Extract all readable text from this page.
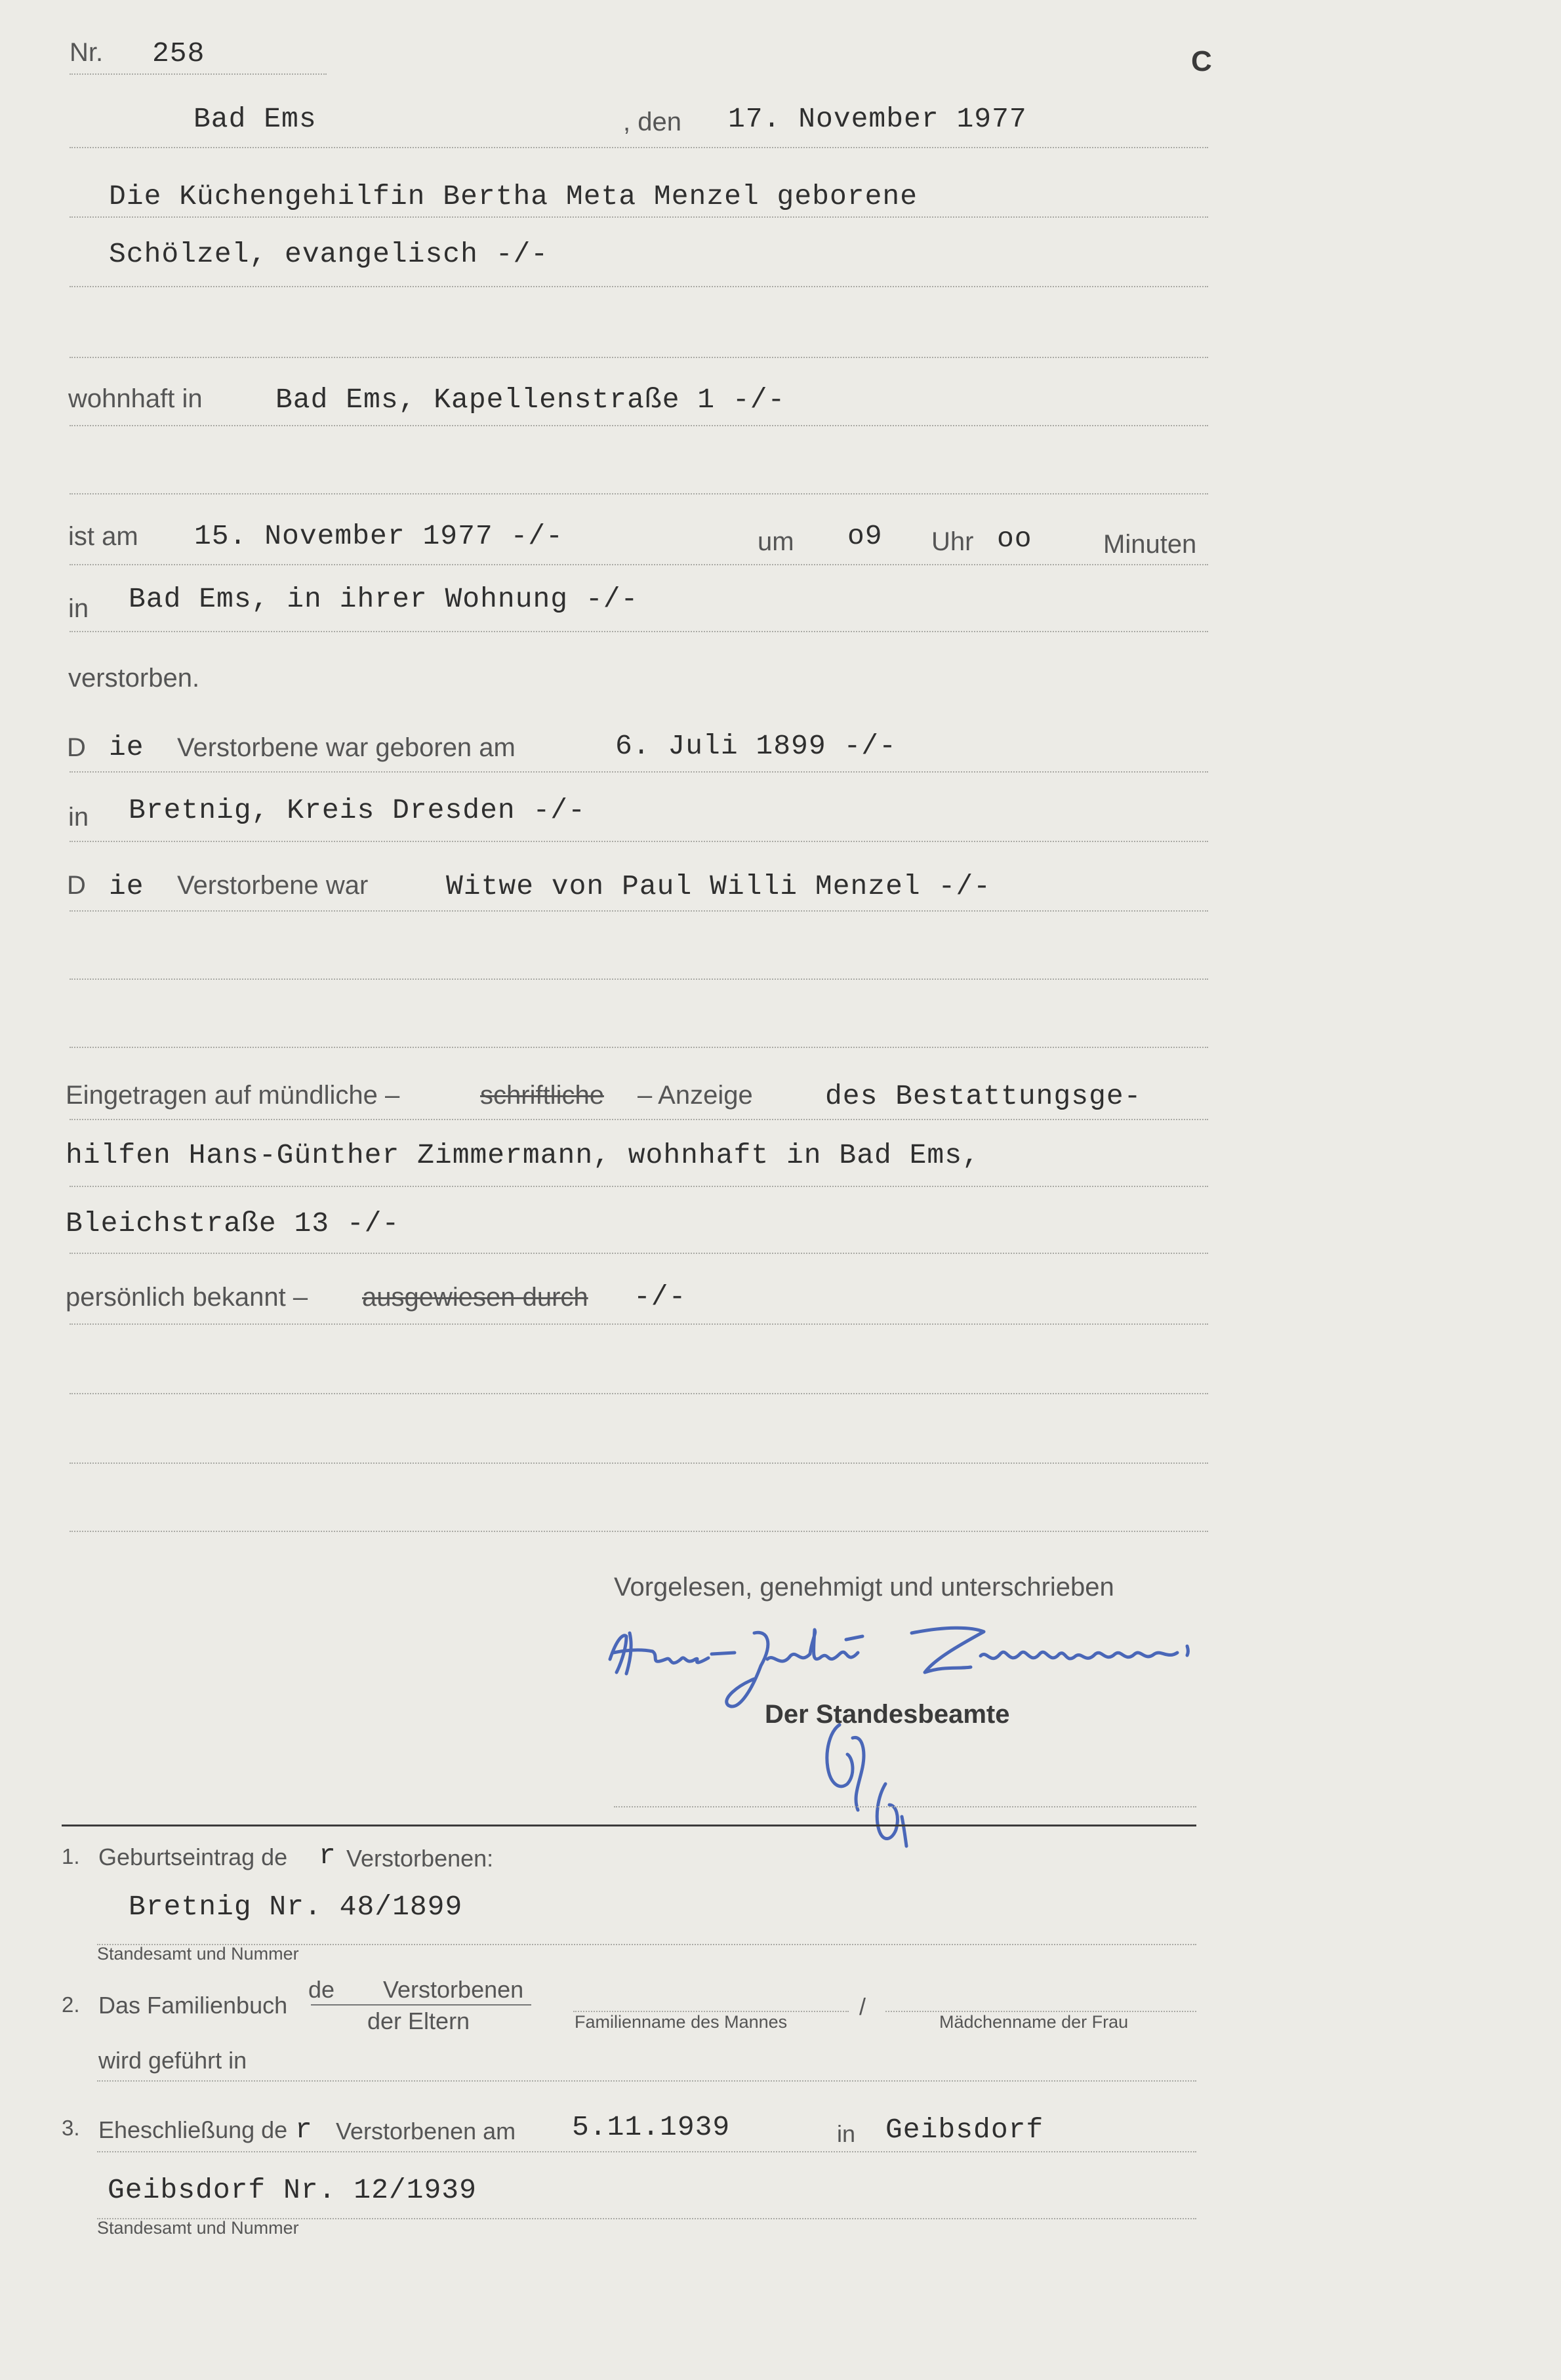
Nr. 258	C
Bad Ems	, den 17. November 1977
Die Küchengehilfin Bertha Meta Menzel geborene
Schölzel, evangelisch -/-
wohnhaft in	Bad Ems, Kapellenstraße 1 -/-
ist am 15. November 1977 -/-	um o9 Uhr oo	Minuten
in Bad Ems, in ihrer Wohnung -/-
verstorben.
D ie Verstorbene war geboren am	6. Juli 1899 -/-
in Bretnig, Kreis Dresden -/-
D ie Verstorbene war	Witwe von Paul Willi Menzel -/-
Eingetragen auf mündliche –	schriftliche – Anzeige	des Bestattungsge-
hilfen Hans-Günther Zimmermann, wohnhaft in Bad Ems,
Bleichstraße 13 -/-
persönlich bekannt – ausgewiesen durch -/-
Vorgelesen, genehmigt und unterschrieben
Der Standesbeamte
1. Geburtseintrag de r Verstorbenen:
Bretnig Nr. 48/1899
Standesamt und Nummer
2. Das Familienbuch
de Verstorbenen
der Eltern	Familienname des Mannes
/
Mädchenname der Frau
wird geführt in
3. Eheschließung de r Verstorbenen am 5.11.1939	in Geibsdorf
Geibsdorf Nr. 12/1939
Standesamt und Nummer
